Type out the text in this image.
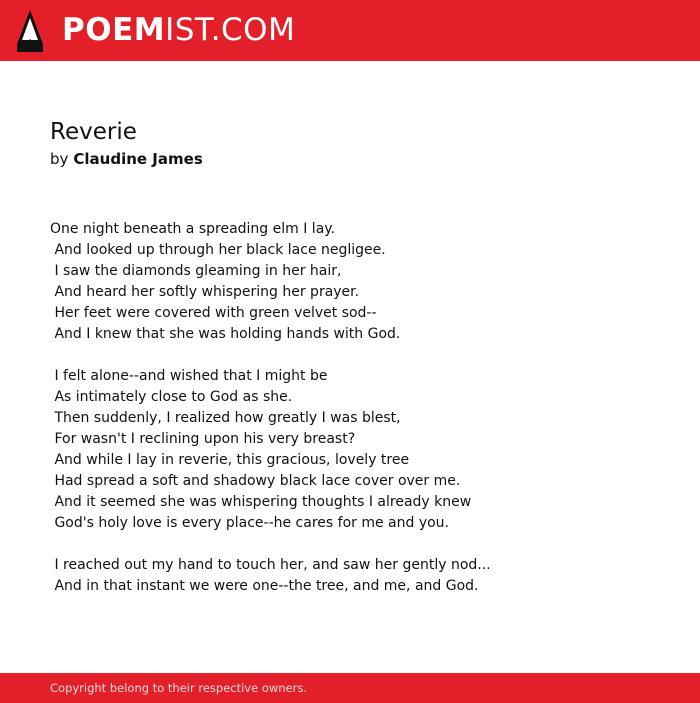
POEMIST.COM
Reverie
by Claudine James
One night beneath a spreading elm I lay.
And looked up through her black lace negligee.
I saw the diamonds gleaming in her hair,
And heard her softly whispering her prayer.
Her feet were covered with green velvet sod--
And I knew that she was holding hands with God.
I felt alone--and wished that I might be
As intimately close to God as she.
Then suddenly, I realized how greatly I was blest,
For wasn't I reclining upon his very breast?
And while I lay in reverie, this gracious, lovely tree
Had spread a soft and shadowy black lace cover over me.
And it seemed she was whispering thoughts I already knew
God's holy love is every place--he cares for me and you.
I reached out my hand to touch her, and saw her gently nod...
And in that instant we were one--the tree, and me, and God.
Copyright belong to their respective owners.
